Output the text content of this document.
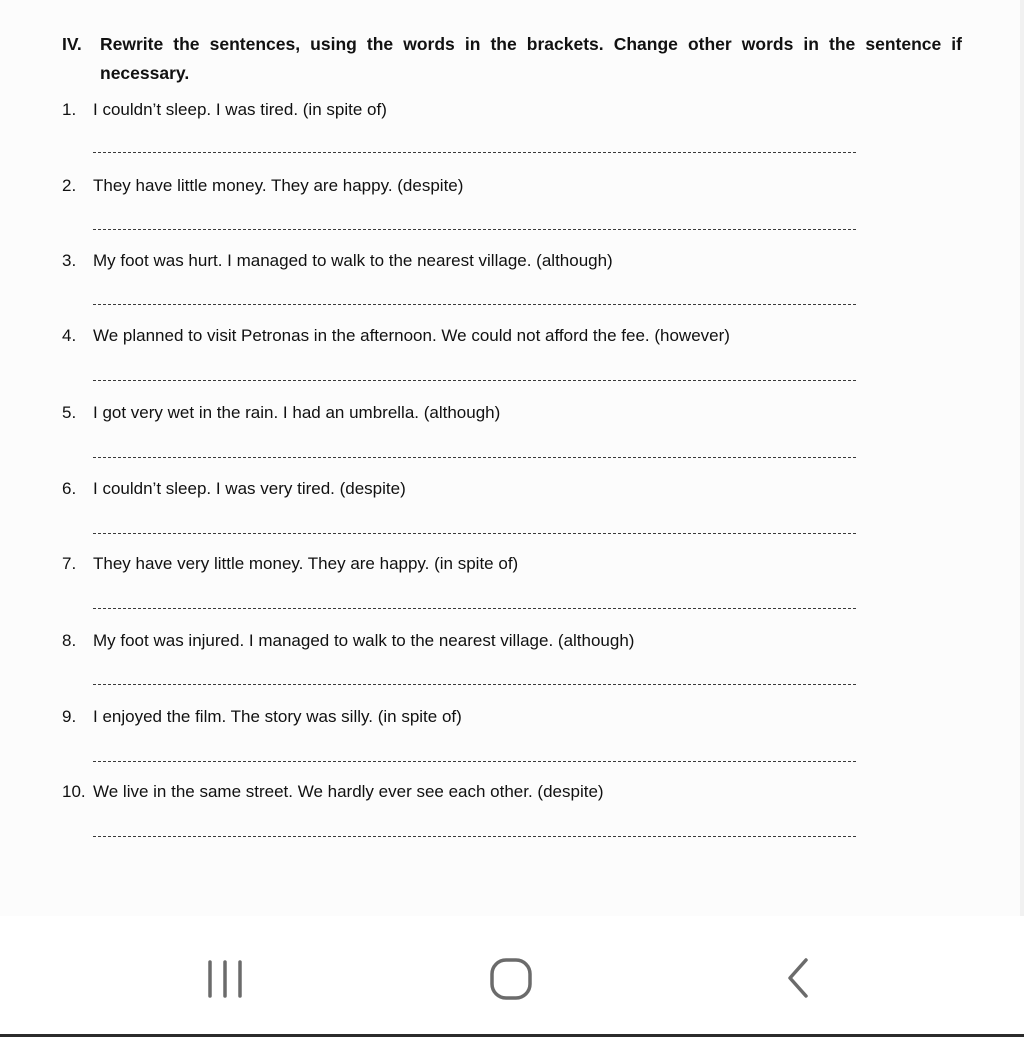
IV. Rewrite the sentences, using the words in the brackets. Change other words in the sentence if necessary.
1. I couldn’t sleep. I was tired. (in spite of)
2. They have little money. They are happy. (despite)
3. My foot was hurt. I managed to walk to the nearest village. (although)
4. We planned to visit Petronas in the afternoon. We could not afford the fee. (however)
5. I got very wet in the rain. I had an umbrella. (although)
6. I couldn’t sleep. I was very tired. (despite)
7. They have very little money. They are happy. (in spite of)
8. My foot was injured. I managed to walk to the nearest village. (although)
9. I enjoyed the film. The story was silly. (in spite of)
10. We live in the same street. We hardly ever see each other. (despite)
